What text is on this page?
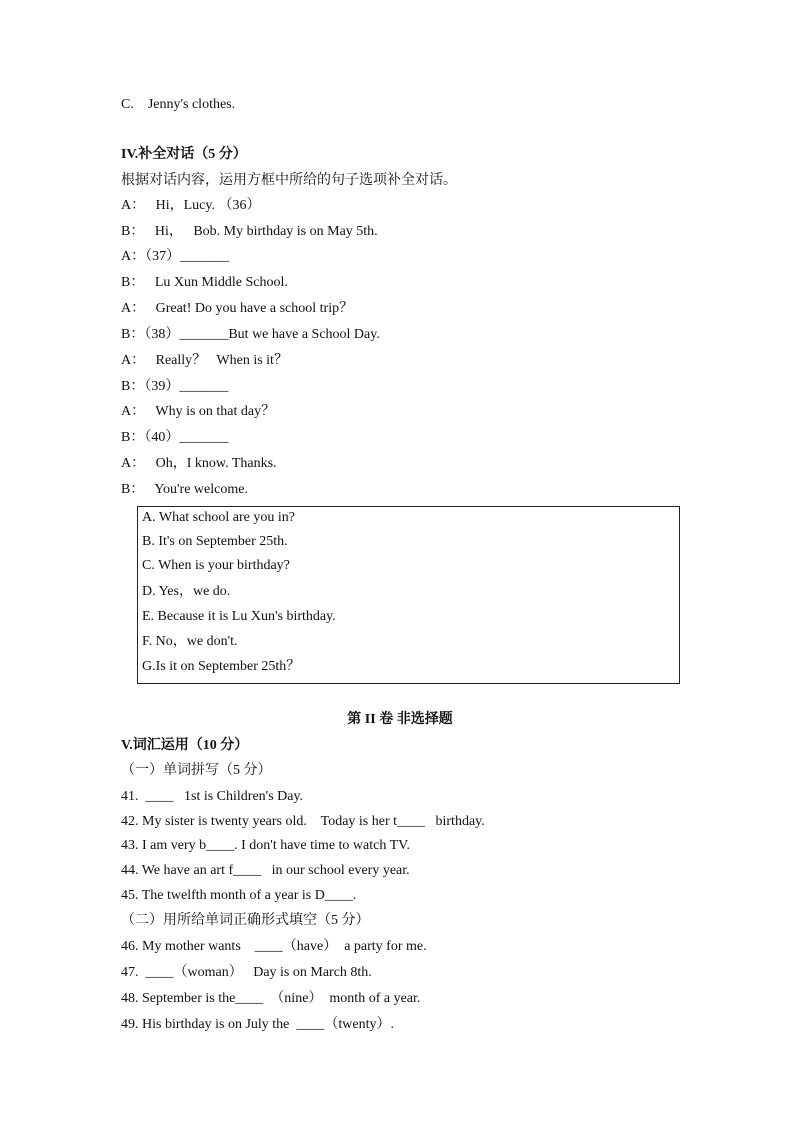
C.    Jenny's clothes.
IV.补全对话（5 分）
根据对话内容，运用方框中所给的句子选项补全对话。
A：   Hi，Lucy. （36）
B：   Hi，   Bob. My birthday is on May 5th.
A：（37）_______
B：   Lu Xun Middle School.
A：   Great! Do you have a school trip？
B：（38）_______But we have a School Day.
A：   Really？   When is it？
B：（39）_______
A：   Why is on that day？
B：（40）_______
A：   Oh，I know. Thanks.
B：   You're welcome.
A. What school are you in?
B. It's on September 25th.
C. When is your birthday?
D. Yes，we do.
E. Because it is Lu Xun's birthday.
F. No，we don't.
G.Is it on September 25th？
第 II 卷 非选择题
V.词汇运用（10 分）
（一）单词拼写（5 分）
41.  ____   1st is Children's Day.
42. My sister is twenty years old.    Today is her t____   birthday.
43. I am very b____. I don't have time to watch TV.
44. We have an art f____   in our school every year.
45. The twelfth month of a year is D____.
（二）用所给单词正确形式填空（5 分）
46. My mother wants    ____（have）  a party for me.
47.  ____（woman）   Day is on March 8th.
48. September is the____  （nine）  month of a year.
49. His birthday is on July the  ____（twenty）.
